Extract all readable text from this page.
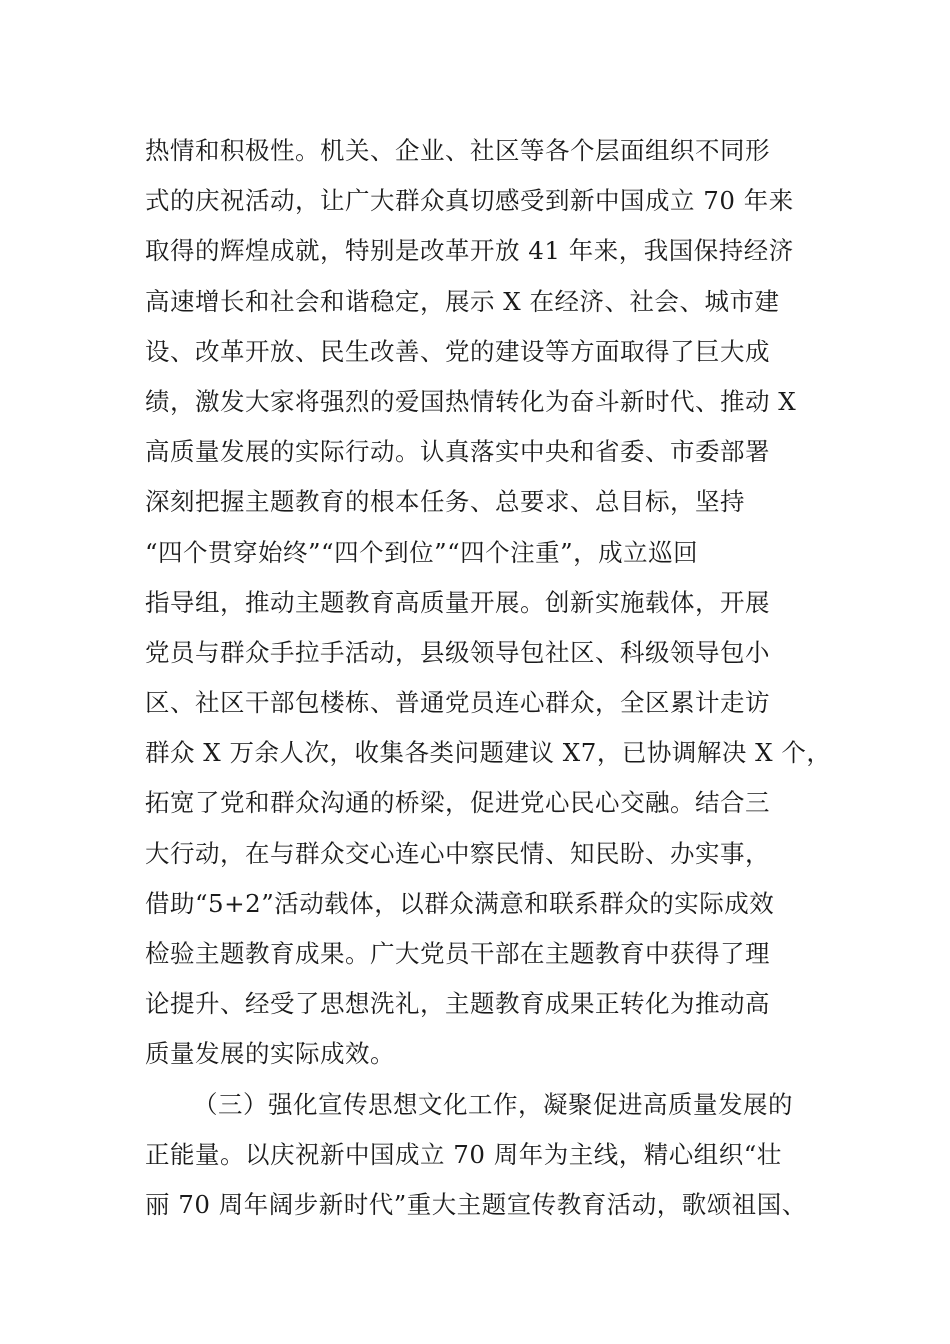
热情和积极性。机关、企业、社区等各个层面组织不同形
式的庆祝活动，让广大群众真切感受到新中国成立 70 年来
取得的辉煌成就，特别是改革开放 41 年来，我国保持经济
高速增长和社会和谐稳定，展示 X 在经济、社会、城市建
设、改革开放、民生改善、党的建设等方面取得了巨大成
绩，激发大家将强烈的爱国热情转化为奋斗新时代、推动 X
高质量发展的实际行动。认真落实中央和省委、市委部署
深刻把握主题教育的根本任务、总要求、总目标，坚持
“四个贯穿始终”“四个到位”“四个注重”，成立巡回
指导组，推动主题教育高质量开展。创新实施载体，开展
党员与群众手拉手活动，县级领导包社区、科级领导包小
区、社区干部包楼栋、普通党员连心群众，全区累计走访
群众 X 万余人次，收集各类问题建议 X7，已协调解决 X 个，
拓宽了党和群众沟通的桥梁，促进党心民心交融。结合三
大行动，在与群众交心连心中察民情、知民盼、办实事，
借助“5+2”活动载体，以群众满意和联系群众的实际成效
检验主题教育成果。广大党员干部在主题教育中获得了理
论提升、经受了思想洗礼，主题教育成果正转化为推动高
质量发展的实际成效。
（三）强化宣传思想文化工作，凝聚促进高质量发展的
正能量。以庆祝新中国成立 70 周年为主线，精心组织“壮
丽 70 周年阔步新时代”重大主题宣传教育活动，歌颂祖国、
